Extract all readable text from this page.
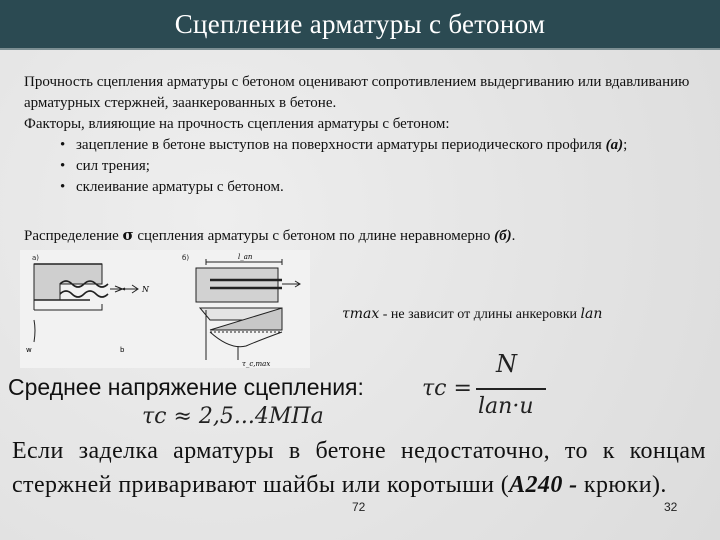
Сцепление арматуры с бетоном
Прочность сцепления арматуры с бетоном оценивают сопротивлением выдергиванию или вдавливанию арматурных стержней, заанкерованных в бетоне.
Факторы, влияющие на прочность сцепления арматуры с бетоном:
• зацепление в бетоне выступов на поверхности арматуры периодического профиля (а);
• сил трения;
• склеивание арматуры с бетоном.
Распределение σ сцепления арматуры с бетоном по длине неравномерно (б).
а)	б)
N
w	b
l_an
τ_c,max
τmax - не зависит от длины анкеровки lan
Среднее напряжение сцепления:	τc =
N
lan·u
τc ≈ 2,5...4МПа
Если заделка арматуры в бетоне недостаточно, то к концам стержней приваривают шайбы или коротыши (А240 - крюки).
72	32
